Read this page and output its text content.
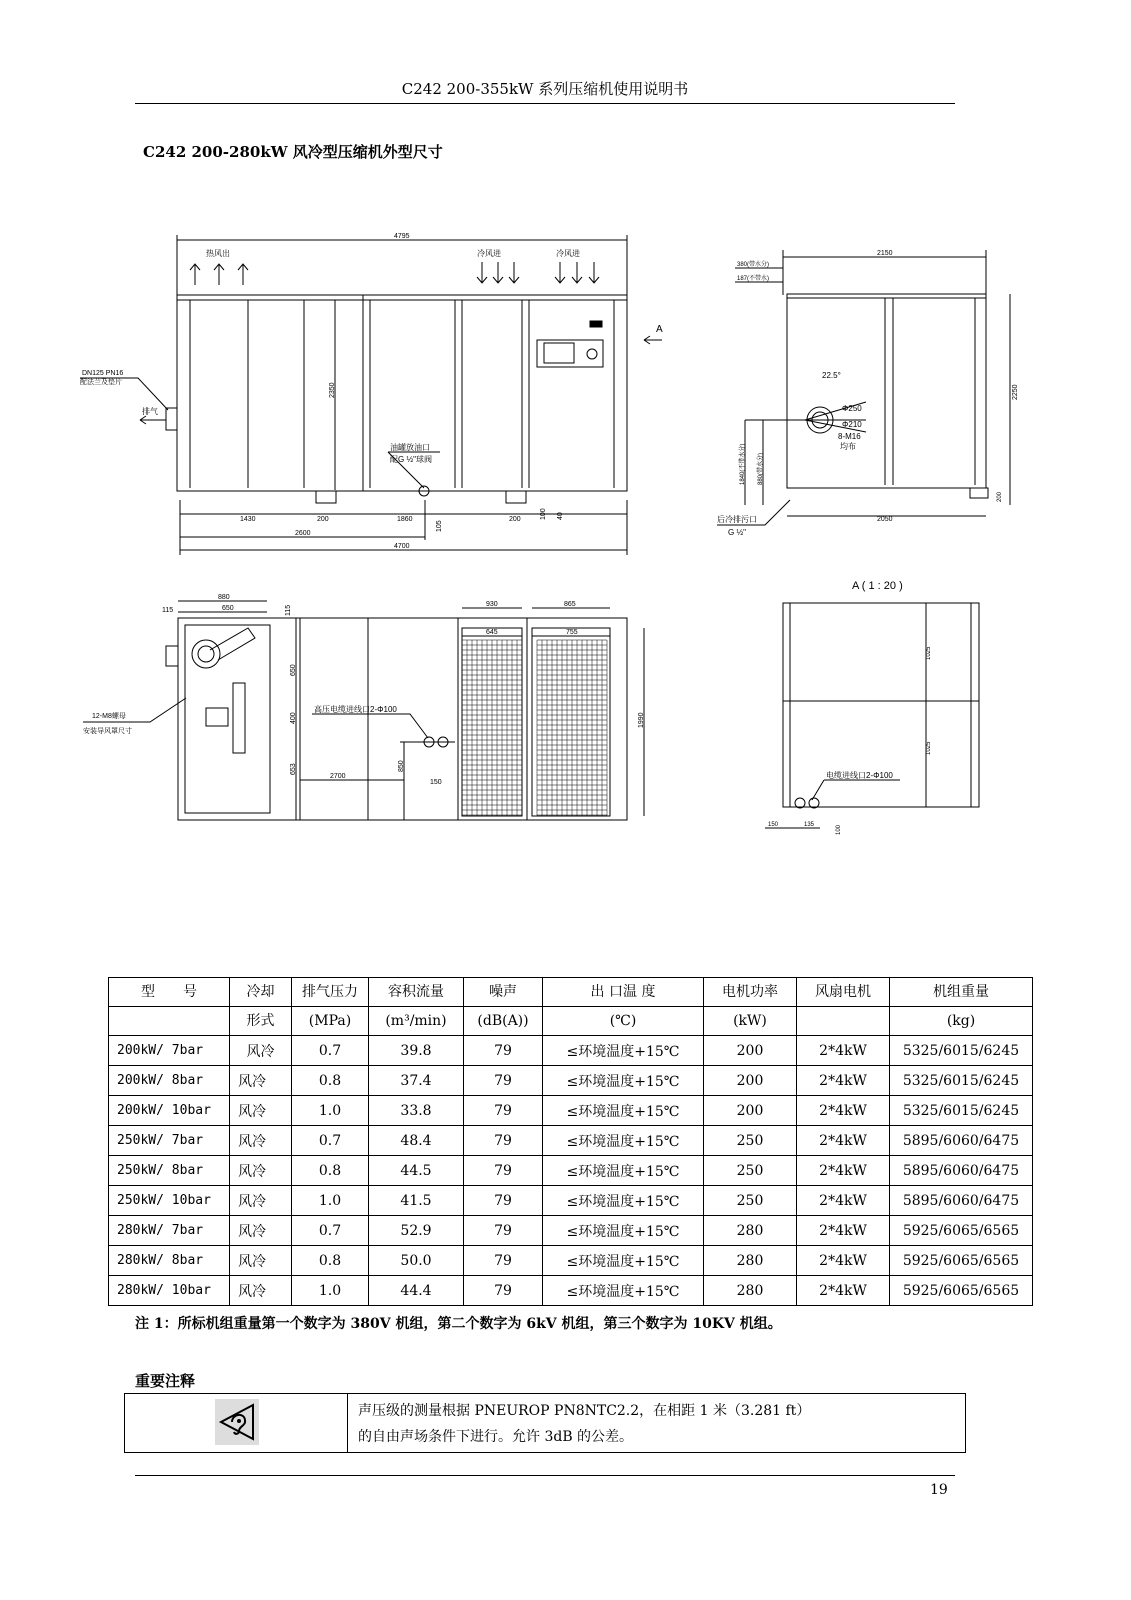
C242 200-355kW 系列压缩机使用说明书
C242 200-280kW 风冷型压缩机外型尺寸
4795
热风出	冷风进	冷风进
A
排气
DN125 PN16
配法兰及垫片	2350
油罐放油口
配G ½"球阀
1430	200	1860	200
2600
4700
105
100 40
2150
380(带水分)
187(不带水)
2250
22.5°
Φ250
Φ210
8-M16
均布
1840(不带水分)	880(带水分)
200
后冷排污口
G ½"
2050
880
115	650	115
930	865
645	755
12-M8螺母
安装导风罩尺寸
高压电缆进线口2-Φ100
850
150
650
400
653
1990
2700
A ( 1 : 20 )
1025
1025
电缆进线口2-Φ100
150	135	100
型　　号	冷却	排气压力	容积流量	噪声	出 口温 度	电机功率	风扇电机	机组重量
	形式	(MPa)	(m³/min)	(dB(A))	(℃)	(kW)		(kg)
200kW/ 7bar	风冷	0.7	39.8	79	≤环境温度+15℃	200	2*4kW	5325/6015/6245
200kW/ 8bar	风冷	0.8	37.4	79	≤环境温度+15℃	200	2*4kW	5325/6015/6245
200kW/ 10bar	风冷	1.0	33.8	79	≤环境温度+15℃	200	2*4kW	5325/6015/6245
250kW/ 7bar	风冷	0.7	48.4	79	≤环境温度+15℃	250	2*4kW	5895/6060/6475
250kW/ 8bar	风冷	0.8	44.5	79	≤环境温度+15℃	250	2*4kW	5895/6060/6475
250kW/ 10bar	风冷	1.0	41.5	79	≤环境温度+15℃	250	2*4kW	5895/6060/6475
280kW/ 7bar	风冷	0.7	52.9	79	≤环境温度+15℃	280	2*4kW	5925/6065/6565
280kW/ 8bar	风冷	0.8	50.0	79	≤环境温度+15℃	280	2*4kW	5925/6065/6565
280kW/ 10bar	风冷	1.0	44.4	79	≤环境温度+15℃	280	2*4kW	5925/6065/6565
注 1：所标机组重量第一个数字为 380V 机组，第二个数字为 6kV 机组，第三个数字为 10KV 机组。
重要注释
声压级的测量根据 PNEUROP PN8NTC2.2，在相距 1 米（3.281 ft）
的自由声场条件下进行。允许 3dB 的公差。
19
